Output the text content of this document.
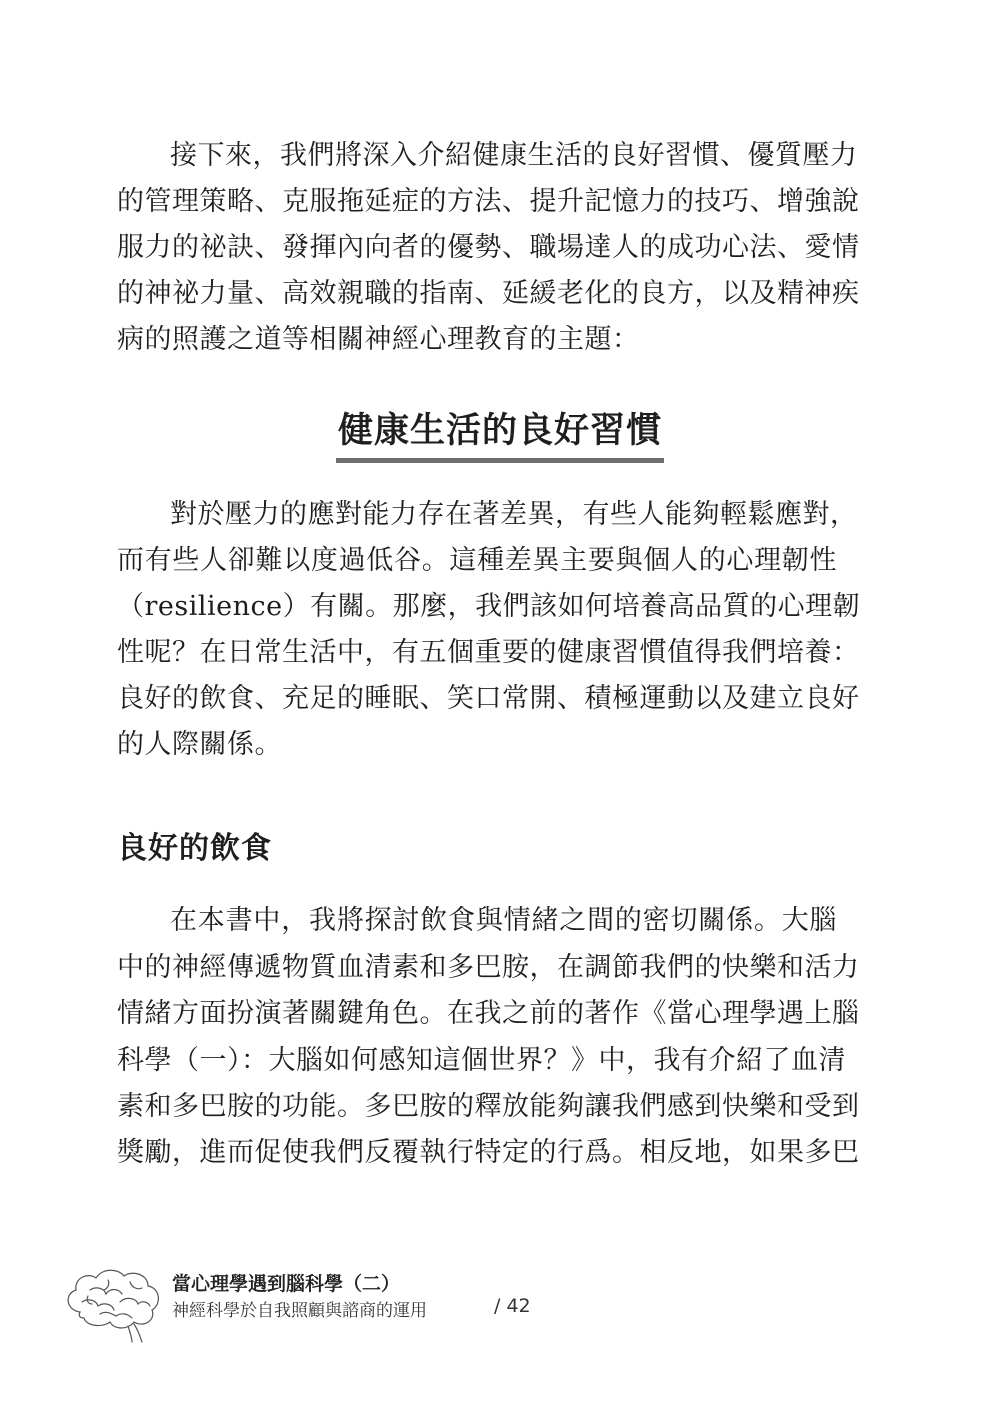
接下來，我們將深入介紹健康生活的良好習慣、優質壓力
的管理策略、克服拖延症的方法、提升記憶力的技巧、增強說
服力的祕訣、發揮內向者的優勢、職場達人的成功心法、愛情
的神祕力量、高效親職的指南、延緩老化的良方，以及精神疾
病的照護之道等相關神經心理教育的主題：
健康生活的良好習慣
對於壓力的應對能力存在著差異，有些人能夠輕鬆應對，
而有些人卻難以度過低谷。這種差異主要與個人的心理韌性
（resilience）有關。那麼，我們該如何培養高品質的心理韌
性呢？在日常生活中，有五個重要的健康習慣值得我們培養：
良好的飲食、充足的睡眠、笑口常開、積極運動以及建立良好
的人際關係。
良好的飲食
在本書中，我將探討飲食與情緒之間的密切關係。大腦
中的神經傳遞物質血清素和多巴胺，在調節我們的快樂和活力
情緒方面扮演著關鍵角色。在我之前的著作《當心理學遇上腦
科學（一）：大腦如何感知這個世界？》中，我有介紹了血清
素和多巴胺的功能。多巴胺的釋放能夠讓我們感到快樂和受到
獎勵，進而促使我們反覆執行特定的行爲。相反地，如果多巴
當心理學遇到腦科學（二）
神經科學於自我照顧與諮商的運用	/ 42
